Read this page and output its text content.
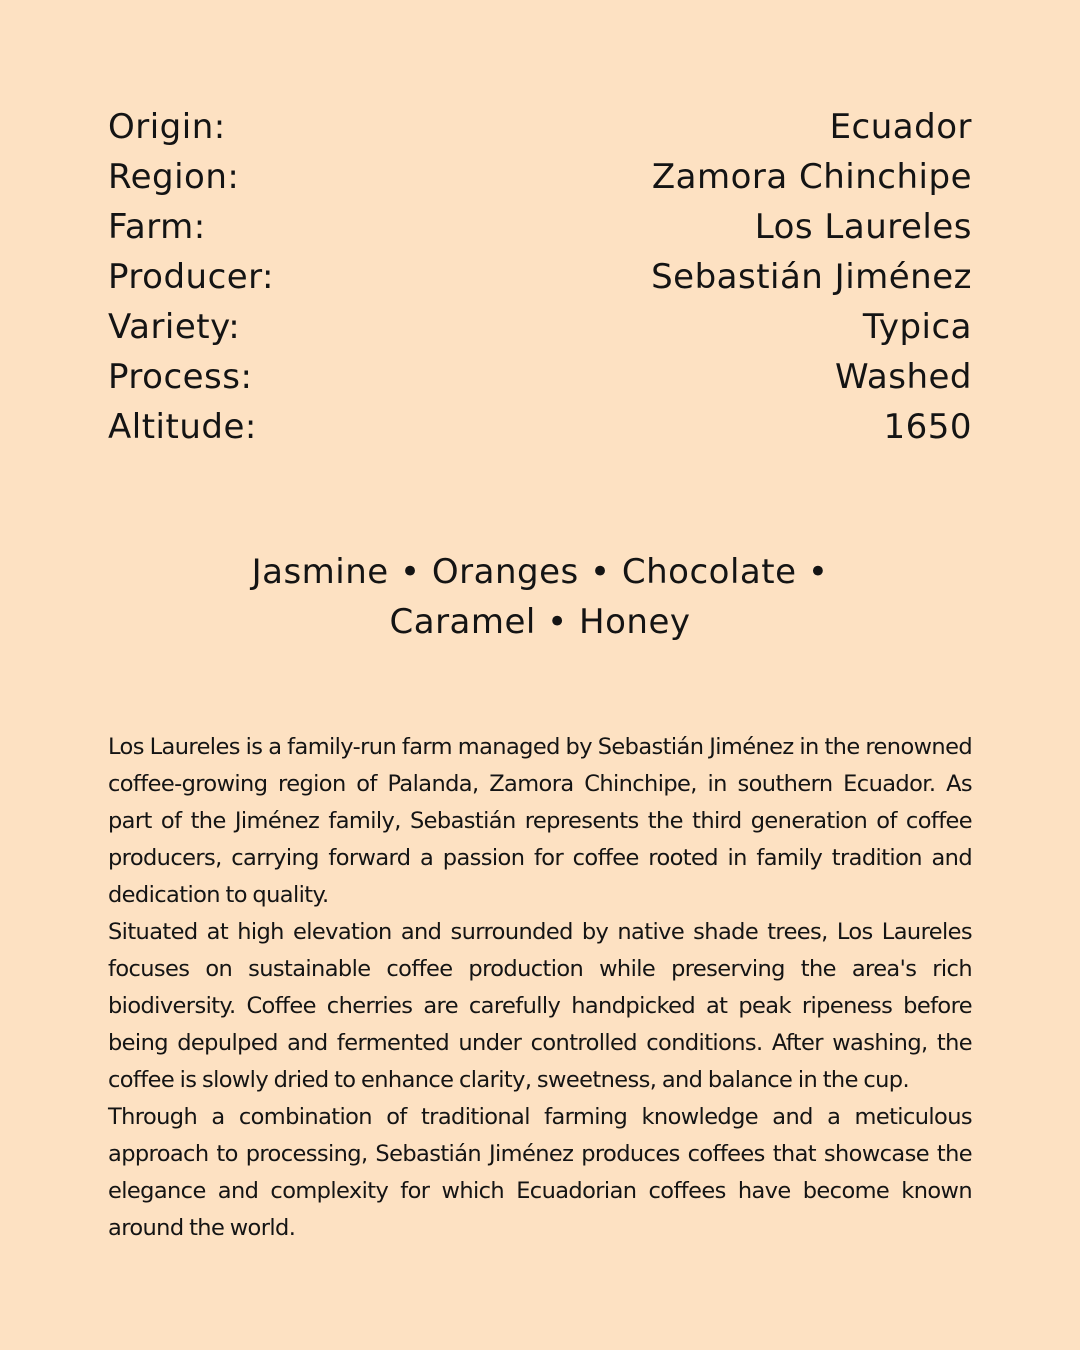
Origin:	Ecuador
Region:	Zamora Chinchipe
Farm:	Los Laureles
Producer:	Sebastián Jiménez
Variety:	Typica
Process:	Washed
Altitude:	1650
Jasmine • Oranges • Chocolate • Caramel • Honey

Los Laureles is a family-run farm managed by Sebastián Jiménez in the renowned coffee-growing region of Palanda, Zamora Chinchipe, in southern Ecuador. As part of the Jiménez family, Sebastián represents the third generation of coffee producers, carrying forward a passion for coffee rooted in family tradition and dedication to quality.

Situated at high elevation and surrounded by native shade trees, Los Laureles focuses on sustainable coffee production while preserving the area's rich biodiversity. Coffee cherries are carefully handpicked at peak ripeness before being depulped and fermented under controlled conditions. After washing, the coffee is slowly dried to enhance clarity, sweetness, and balance in the cup.

Through a combination of traditional farming knowledge and a meticulous approach to processing, Sebastián Jiménez produces coffees that showcase the elegance and complexity for which Ecuadorian coffees have become known around the world.
